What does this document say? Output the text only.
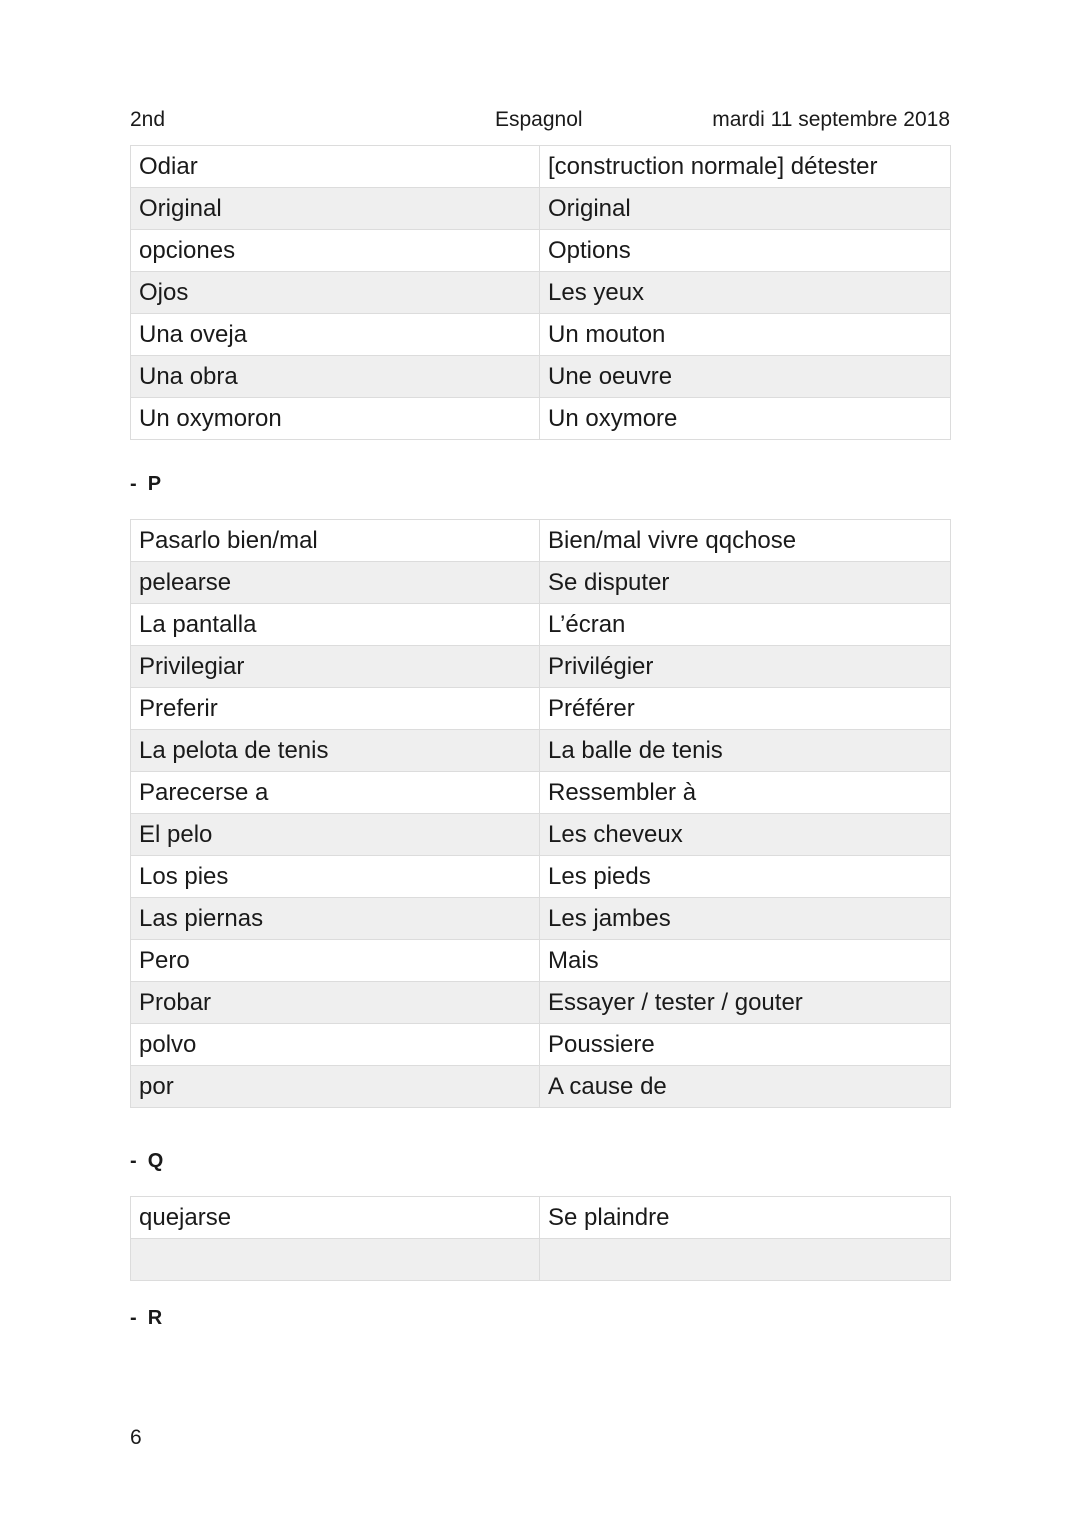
2nd	Espagnol	mardi 11 septembre 2018
Odiar	[construction normale] détester
Original	Original
opciones	Options
Ojos	Les yeux
Una oveja	Un mouton
Una obra	Une oeuvre
Un oxymoron	Un oxymore
-  P
Pasarlo bien/mal	Bien/mal vivre qqchose
pelearse	Se disputer
La pantalla	L’écran
Privilegiar	Privilégier
Preferir	Préférer
La pelota de tenis	La balle de tenis
Parecerse a	Ressembler à
El pelo	Les cheveux
Los pies	Les pieds
Las piernas	Les jambes
Pero	Mais
Probar	Essayer / tester / gouter
polvo	Poussiere
por	A cause de
-  Q
quejarse	Se plaindre

-  R
6
